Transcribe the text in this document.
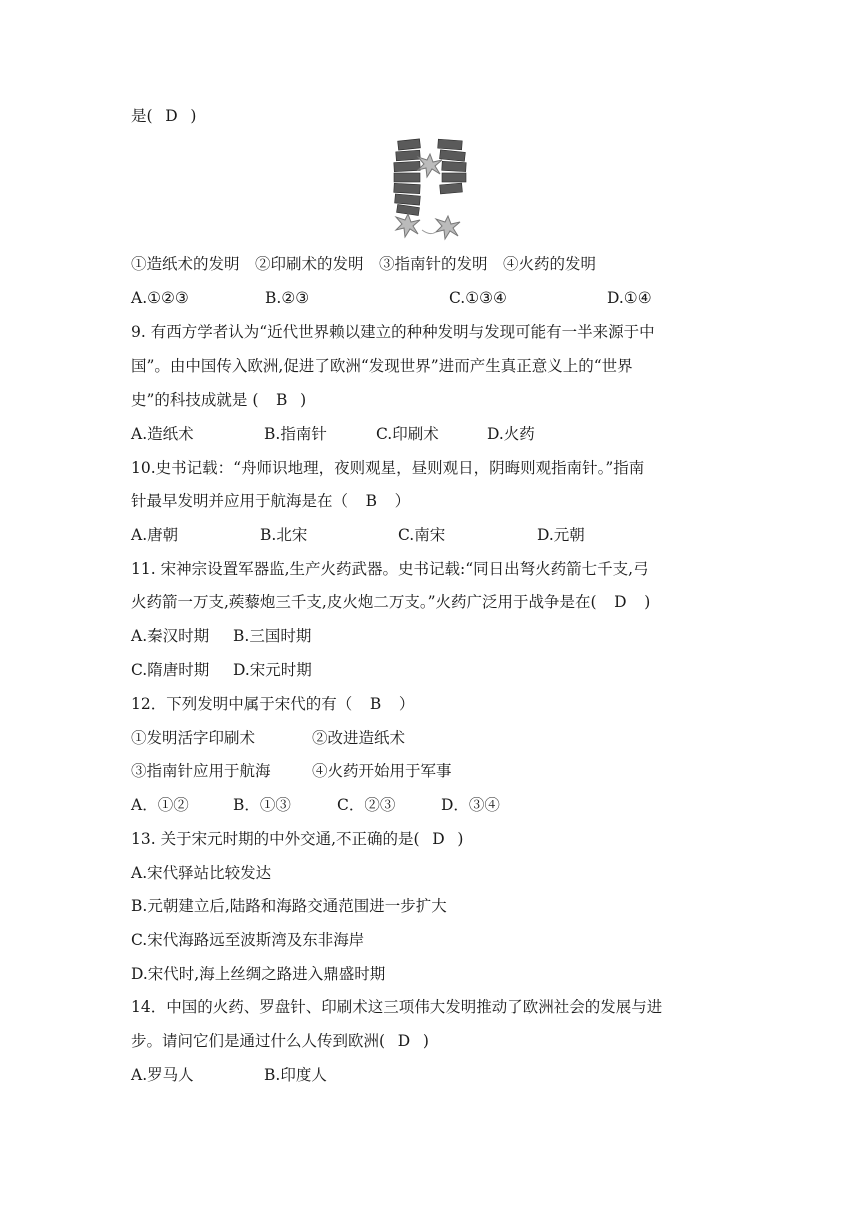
是(  D  )
①造纸术的发明 ②印刷术的发明 ③指南针的发明 ④火药的发明
A.①②③	B.②③	C.①③④	D.①④
9. 有西方学者认为“近代世界赖以建立的种种发明与发现可能有一半来源于中
国”。由中国传入欧洲,促进了欧洲“发现世界”进而产生真正意义上的“世界
史”的科技成就是 (   B  )
A.造纸术	B.指南针	C.印刷术	D.火药
10.史书记载：“舟师识地理，夜则观星，昼则观日，阴晦则观指南针。”指南
针最早发明并应用于航海是在（   B   ）
A.唐朝	B.北宋	C.南宋	D.元朝
11. 宋神宗设置军器监,生产火药武器。史书记载:“同日出弩火药箭七千支,弓
火药箭一万支,蒺藜炮三千支,皮火炮二万支。”火药广泛用于战争是在(   D   )
A.秦汉时期 B.三国时期
C.隋唐时期 D.宋元时期
12．下列发明中属于宋代的有（   B   ）
①发明活字印刷术	②改进造纸术
③指南针应用于航海	④火药开始用于军事
A．①②	B．①③	C．②③	D．③④
13. 关于宋元时期的中外交通,不正确的是(  D  )
A.宋代驿站比较发达
B.元朝建立后,陆路和海路交通范围进一步扩大
C.宋代海路远至波斯湾及东非海岸
D.宋代时,海上丝绸之路进入鼎盛时期
14．中国的火药、罗盘针、印刷术这三项伟大发明推动了欧洲社会的发展与进
步。请问它们是通过什么人传到欧洲(  D  )
A.罗马人	B.印度人
